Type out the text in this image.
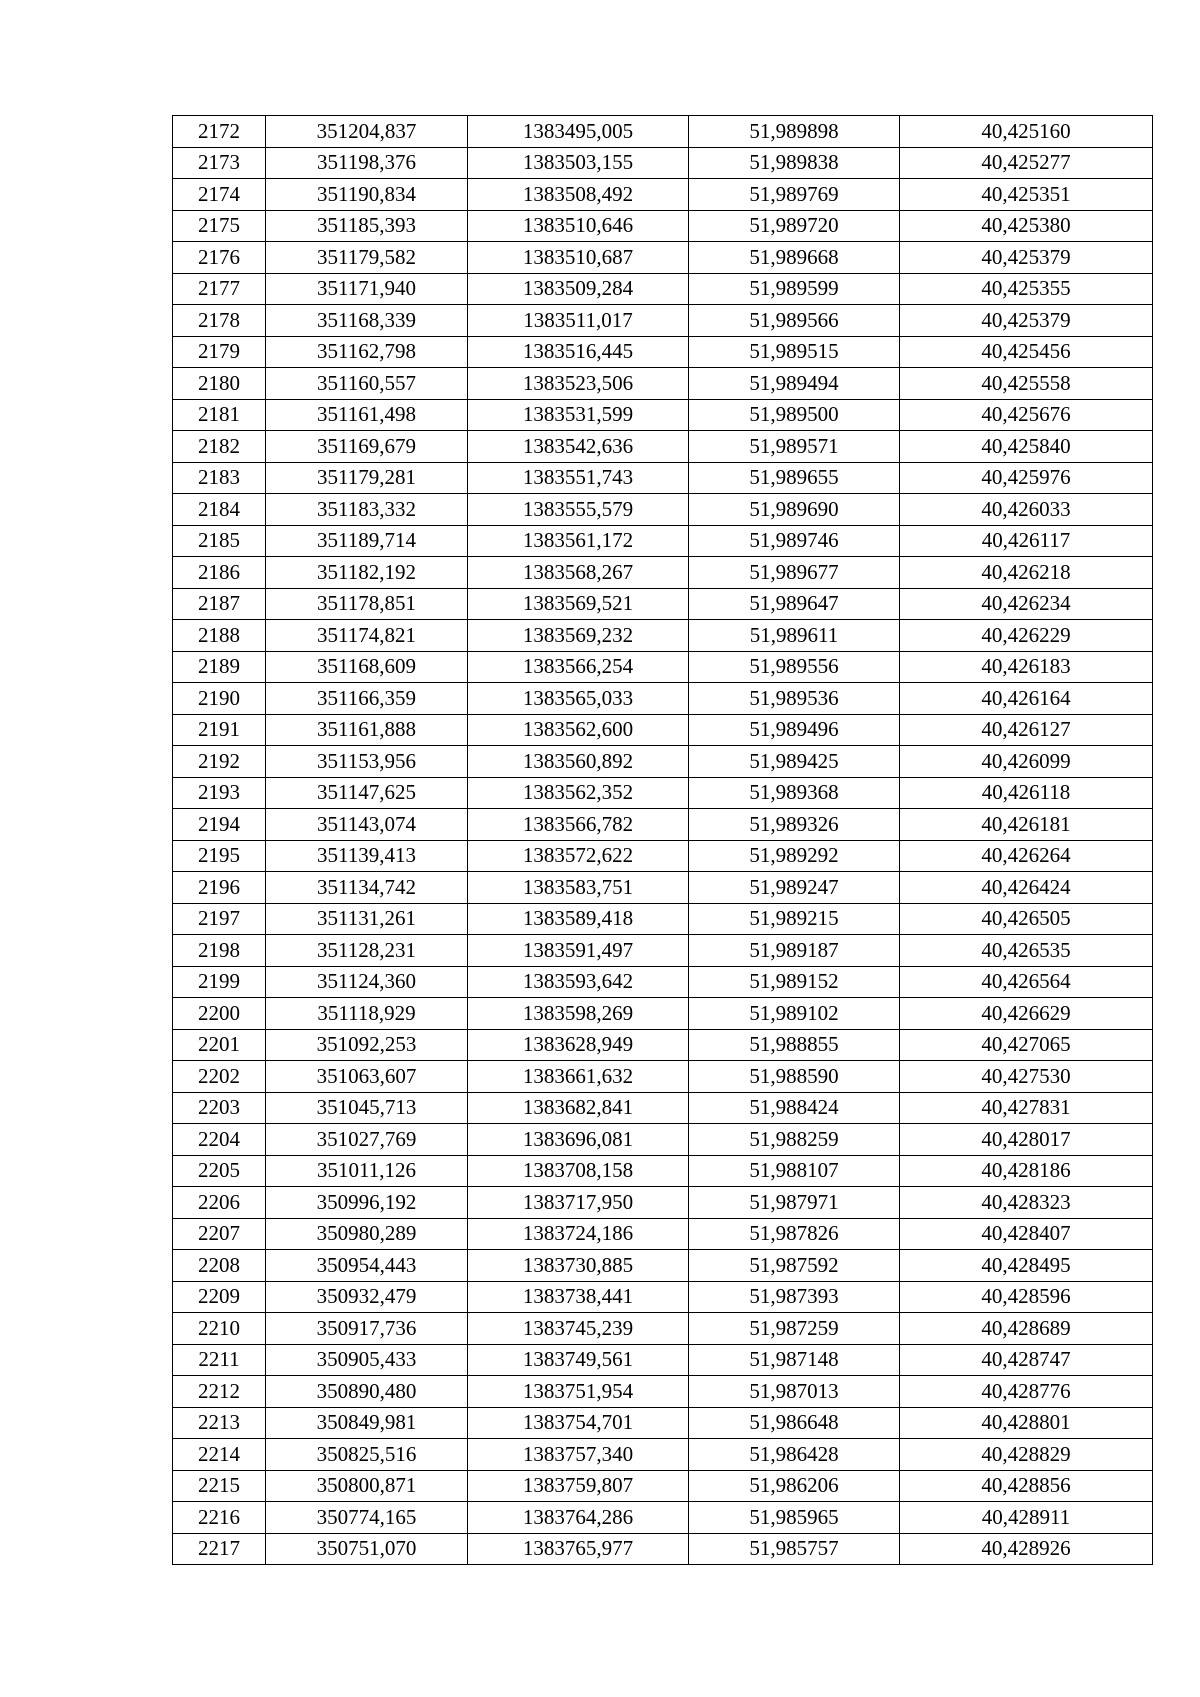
2172	351204,837	1383495,005	51,989898	40,425160
2173	351198,376	1383503,155	51,989838	40,425277
2174	351190,834	1383508,492	51,989769	40,425351
2175	351185,393	1383510,646	51,989720	40,425380
2176	351179,582	1383510,687	51,989668	40,425379
2177	351171,940	1383509,284	51,989599	40,425355
2178	351168,339	1383511,017	51,989566	40,425379
2179	351162,798	1383516,445	51,989515	40,425456
2180	351160,557	1383523,506	51,989494	40,425558
2181	351161,498	1383531,599	51,989500	40,425676
2182	351169,679	1383542,636	51,989571	40,425840
2183	351179,281	1383551,743	51,989655	40,425976
2184	351183,332	1383555,579	51,989690	40,426033
2185	351189,714	1383561,172	51,989746	40,426117
2186	351182,192	1383568,267	51,989677	40,426218
2187	351178,851	1383569,521	51,989647	40,426234
2188	351174,821	1383569,232	51,989611	40,426229
2189	351168,609	1383566,254	51,989556	40,426183
2190	351166,359	1383565,033	51,989536	40,426164
2191	351161,888	1383562,600	51,989496	40,426127
2192	351153,956	1383560,892	51,989425	40,426099
2193	351147,625	1383562,352	51,989368	40,426118
2194	351143,074	1383566,782	51,989326	40,426181
2195	351139,413	1383572,622	51,989292	40,426264
2196	351134,742	1383583,751	51,989247	40,426424
2197	351131,261	1383589,418	51,989215	40,426505
2198	351128,231	1383591,497	51,989187	40,426535
2199	351124,360	1383593,642	51,989152	40,426564
2200	351118,929	1383598,269	51,989102	40,426629
2201	351092,253	1383628,949	51,988855	40,427065
2202	351063,607	1383661,632	51,988590	40,427530
2203	351045,713	1383682,841	51,988424	40,427831
2204	351027,769	1383696,081	51,988259	40,428017
2205	351011,126	1383708,158	51,988107	40,428186
2206	350996,192	1383717,950	51,987971	40,428323
2207	350980,289	1383724,186	51,987826	40,428407
2208	350954,443	1383730,885	51,987592	40,428495
2209	350932,479	1383738,441	51,987393	40,428596
2210	350917,736	1383745,239	51,987259	40,428689
2211	350905,433	1383749,561	51,987148	40,428747
2212	350890,480	1383751,954	51,987013	40,428776
2213	350849,981	1383754,701	51,986648	40,428801
2214	350825,516	1383757,340	51,986428	40,428829
2215	350800,871	1383759,807	51,986206	40,428856
2216	350774,165	1383764,286	51,985965	40,428911
2217	350751,070	1383765,977	51,985757	40,428926
